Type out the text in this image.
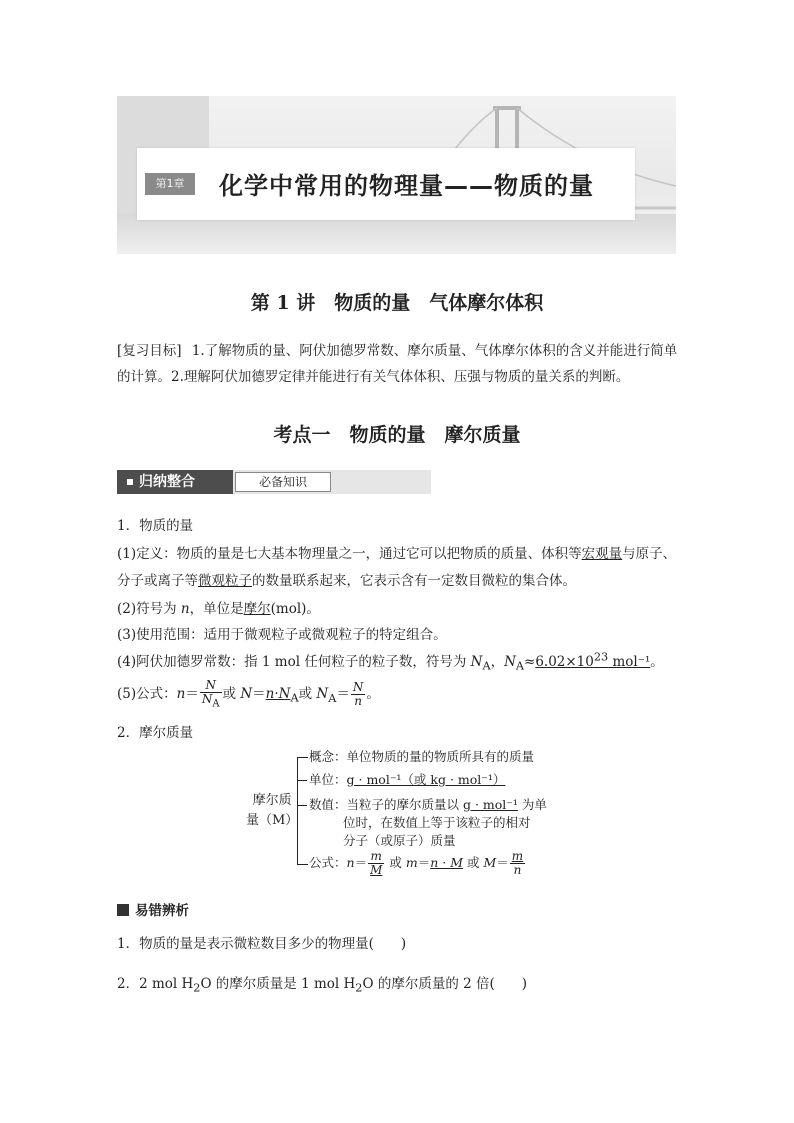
第1章	化学中常用的物理量——物质的量
第 1 讲　物质的量　气体摩尔体积
[复习目标] 1.了解物质的量、阿伏加德罗常数、摩尔质量、气体摩尔体积的含义并能进行简单的计算。2.理解阿伏加德罗定律并能进行有关气体体积、压强与物质的量关系的判断。
考点一　物质的量　摩尔质量
归纳整合	必备知识
1．物质的量
(1)定义：物质的量是七大基本物理量之一，通过它可以把物质的质量、体积等宏观量与原子、
分子或离子等微观粒子的数量联系起来，它表示含有一定数目微粒的集合体。
(2)符号为 n，单位是摩尔(mol)。
(3)使用范围：适用于微观粒子或微观粒子的特定组合。
(4)阿伏加德罗常数：指 1 mol 任何粒子的粒子数，符号为 $N_A$，$N_A\approx 6.02\times 10^{23}$ mol⁻¹。
(5)公式：$n= \frac{N}{N_A}$ 或 $N=n\cdot N_A$或 $N_A= \frac{N}{n}$ 。
2．摩尔质量
摩尔质
量（M）
概念：单位物质的量的物质所具有的质量
单位：g · mol⁻¹（或 kg · mol⁻¹）
数值：当粒子的摩尔质量以 g · mol⁻¹ 为单
位时，在数值上等于该粒子的相对
分子（或原子）质量
公式：$n= \frac{m}{M}$ 或 m＝n · M 或 $M= \frac{m}{n}$
易错辨析
1．物质的量是表示微粒数目多少的物理量(　　)
2．2 mol $H_2O$ 的摩尔质量是 1 mol $H_2O$ 的摩尔质量的 2 倍(　　)
